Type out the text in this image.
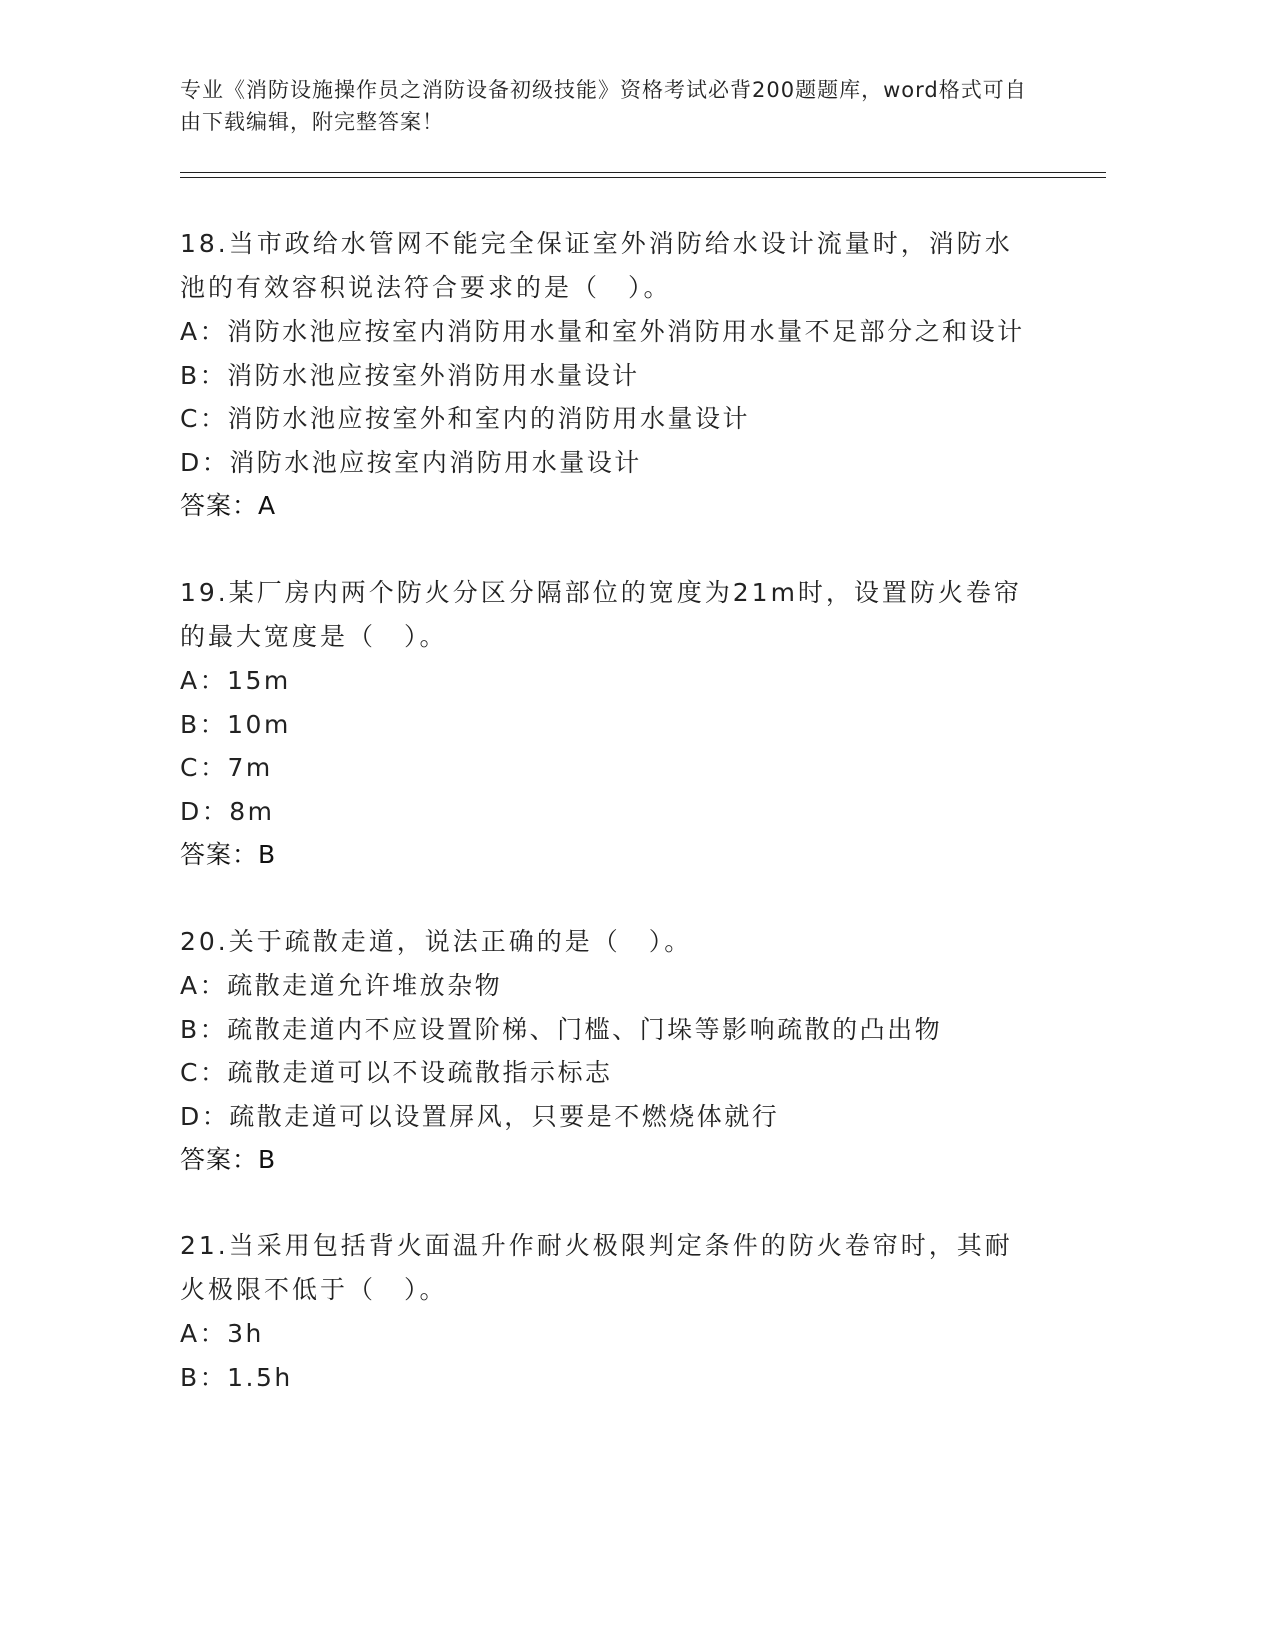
专业《消防设施操作员之消防设备初级技能》资格考试必背200题题库，word格式可自由下载编辑，附完整答案！

18.当市政给水管网不能完全保证室外消防给水设计流量时，消防水池的有效容积说法符合要求的是（　）。

A：消防水池应按室内消防用水量和室外消防用水量不足部分之和设计

B：消防水池应按室外消防用水量设计

C：消防水池应按室外和室内的消防用水量设计

D：消防水池应按室内消防用水量设计

答案：A

19.某厂房内两个防火分区分隔部位的宽度为21m时，设置防火卷帘的最大宽度是（　）。

A：15m

B：10m

C：7m

D：8m

答案：B

20.关于疏散走道，说法正确的是（　）。

A：疏散走道允许堆放杂物

B：疏散走道内不应设置阶梯、门槛、门垛等影响疏散的凸出物

C：疏散走道可以不设疏散指示标志

D：疏散走道可以设置屏风，只要是不燃烧体就行

答案：B

21.当采用包括背火面温升作耐火极限判定条件的防火卷帘时，其耐火极限不低于（　）。

A：3h

B：1.5h
